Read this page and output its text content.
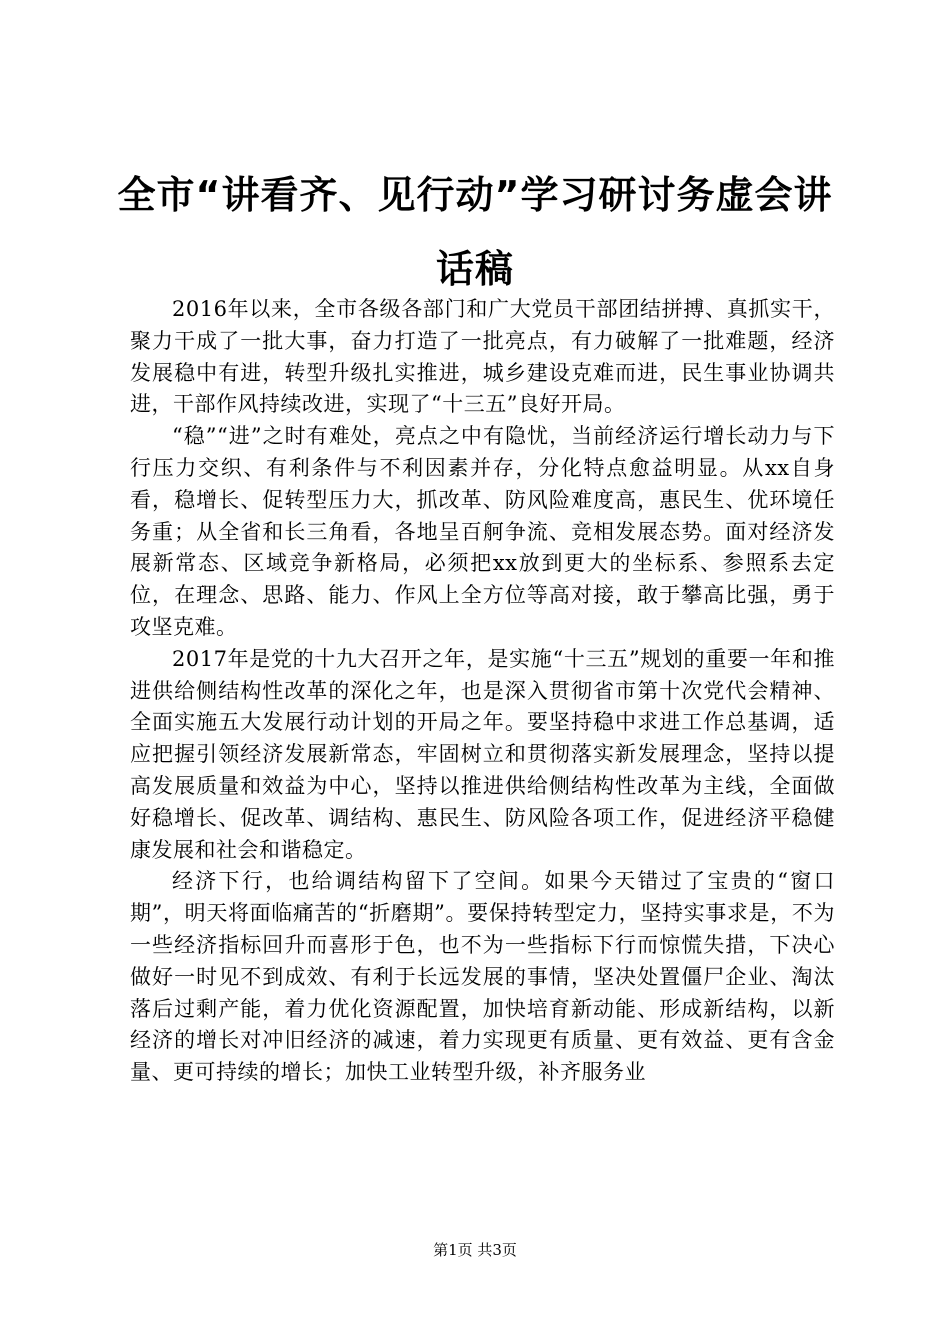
全市“讲看齐、见行动”学习研讨务虚会讲话稿

2016年以来，全市各级各部门和广大党员干部团结拼搏、真抓实干，聚力干成了一批大事，奋力打造了一批亮点，有力破解了一批难题，经济发展稳中有进，转型升级扎实推进，城乡建设克难而进，民生事业协调共进，干部作风持续改进，实现了“十三五”良好开局。

“稳”“进”之时有难处，亮点之中有隐忧，当前经济运行增长动力与下行压力交织、有利条件与不利因素并存，分化特点愈益明显。从xx自身看，稳增长、促转型压力大，抓改革、防风险难度高，惠民生、优环境任务重；从全省和长三角看，各地呈百舸争流、竞相发展态势。面对经济发展新常态、区域竞争新格局，必须把xx放到更大的坐标系、参照系去定位，在理念、思路、能力、作风上全方位等高对接，敢于攀高比强，勇于攻坚克难。

2017年是党的十九大召开之年，是实施“十三五”规划的重要一年和推进供给侧结构性改革的深化之年，也是深入贯彻省市第十次党代会精神、全面实施五大发展行动计划的开局之年。要坚持稳中求进工作总基调，适应把握引领经济发展新常态，牢固树立和贯彻落实新发展理念，坚持以提高发展质量和效益为中心，坚持以推进供给侧结构性改革为主线，全面做好稳增长、促改革、调结构、惠民生、防风险各项工作，促进经济平稳健康发展和社会和谐稳定。

经济下行，也给调结构留下了空间。如果今天错过了宝贵的“窗口期”，明天将面临痛苦的“折磨期”。要保持转型定力，坚持实事求是，不为一些经济指标回升而喜形于色，也不为一些指标下行而惊慌失措，下决心做好一时见不到成效、有利于长远发展的事情，坚决处置僵尸企业、淘汰落后过剩产能，着力优化资源配置，加快培育新动能、形成新结构，以新经济的增长对冲旧经济的减速，着力实现更有质量、更有效益、更有含金量、更可持续的增长；加快工业转型升级，补齐服务业

第1页 共3页
